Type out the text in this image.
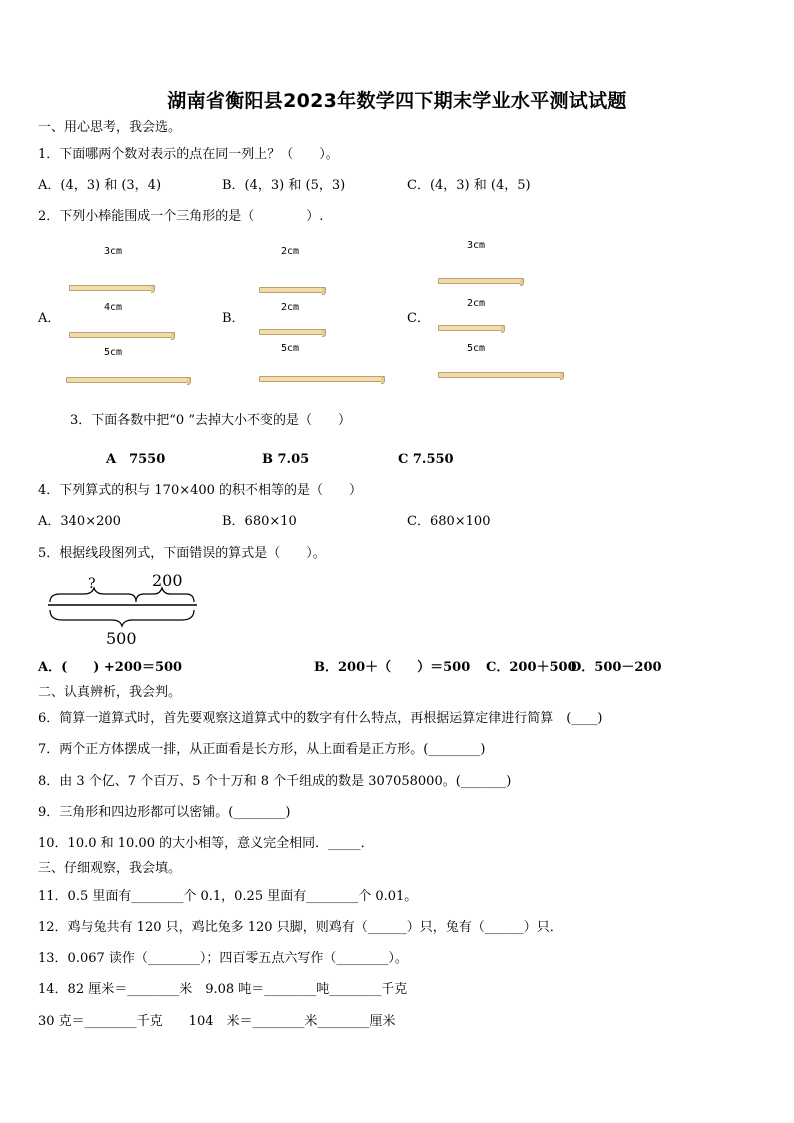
湖南省衡阳县2023年数学四下期末学业水平测试试题
一、用心思考，我会选。
1．下面哪两个数对表示的点在同一列上？（　　）。
A．(4，3) 和 (3，4)	B．(4，3) 和 (5，3)	C．(4，3) 和 (4，5)
2．下列小棒能围成一个三角形的是（　　　　）.
3cm
4cm
5cm
A．
2cm
2cm
5cm
B．
3cm
2cm
5cm
C．
3．下面各数中把“0 ”去掉大小不变的是（　　）
A　7550	B 7.05	C 7.550
4．下列算式的积与 170×400 的积不相等的是（　　）
A．340×200	B．680×10	C．680×100
5．根据线段图列式，下面错误的算式是（　　）。
?	200
500
A．(　　) +200＝500	B．200＋（　　）＝500 C．200＋500
D．500－200
二、认真辨析，我会判。
6．简算一道算式时，首先要观察这道算式中的数字有什么特点，再根据运算定律进行简算　(____)
7．两个正方体摆成一排，从正面看是长方形，从上面看是正方形。(________)
8．由 3 个亿、7 个百万、5 个十万和 8 个千组成的数是 307058000。(_______)
9．三角形和四边形都可以密铺。(________)
10．10.0 和 10.00 的大小相等，意义完全相同．_____．
三、仔细观察，我会填。
11．0.5 里面有________个 0.1，0.25 里面有________个 0.01。
12．鸡与兔共有 120 只，鸡比兔多 120 只脚，则鸡有（______）只，兔有（______）只．
13．0.067 读作（________）；四百零五点六写作（________）。
14．82 厘米＝________米　9.08 吨＝________吨________千克
30 克＝________千克　　104　米＝________米________厘米
